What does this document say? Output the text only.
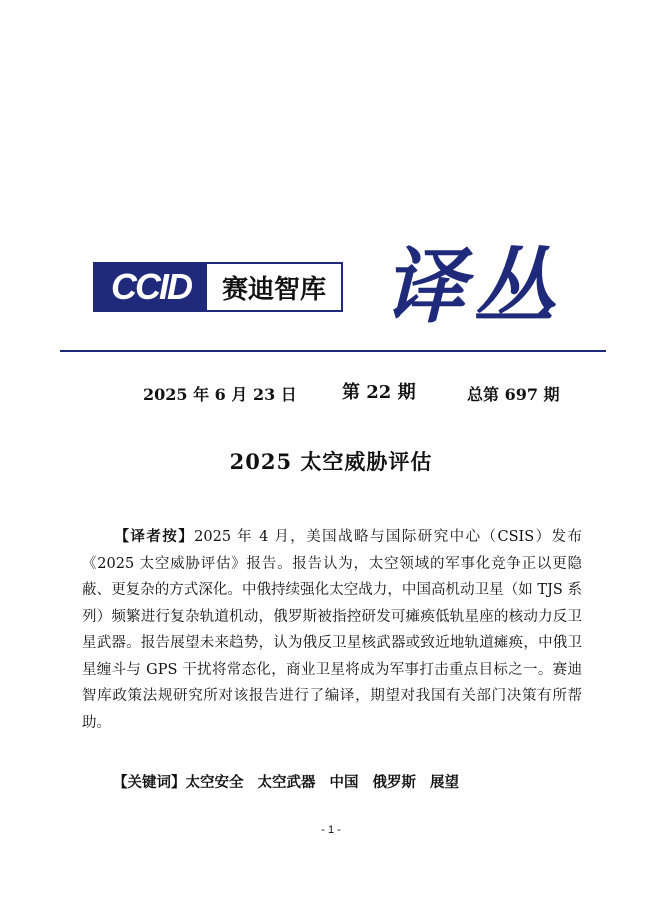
CCID	赛迪智库 译丛
2025 年 6 月 23 日	第 22 期	总第 697 期
2025 太空威胁评估
【译者按】2025 年 4 月，美国战略与国际研究中心（CSIS）发布《2025 太空威胁评估》报告。报告认为，太空领域的军事化竞争正以更隐蔽、更复杂的方式深化。中俄持续强化太空战力，中国高机动卫星（如 TJS 系列）频繁进行复杂轨道机动，俄罗斯被指控研发可瘫痪低轨星座的核动力反卫星武器。报告展望未来趋势，认为俄反卫星核武器或致近地轨道瘫痪，中俄卫星缠斗与 GPS 干扰将常态化，商业卫星将成为军事打击重点目标之一。赛迪智库政策法规研究所对该报告进行了编译，期望对我国有关部门决策有所帮助。
【关键词】太空安全 太空武器 中国 俄罗斯 展望
- 1 -
